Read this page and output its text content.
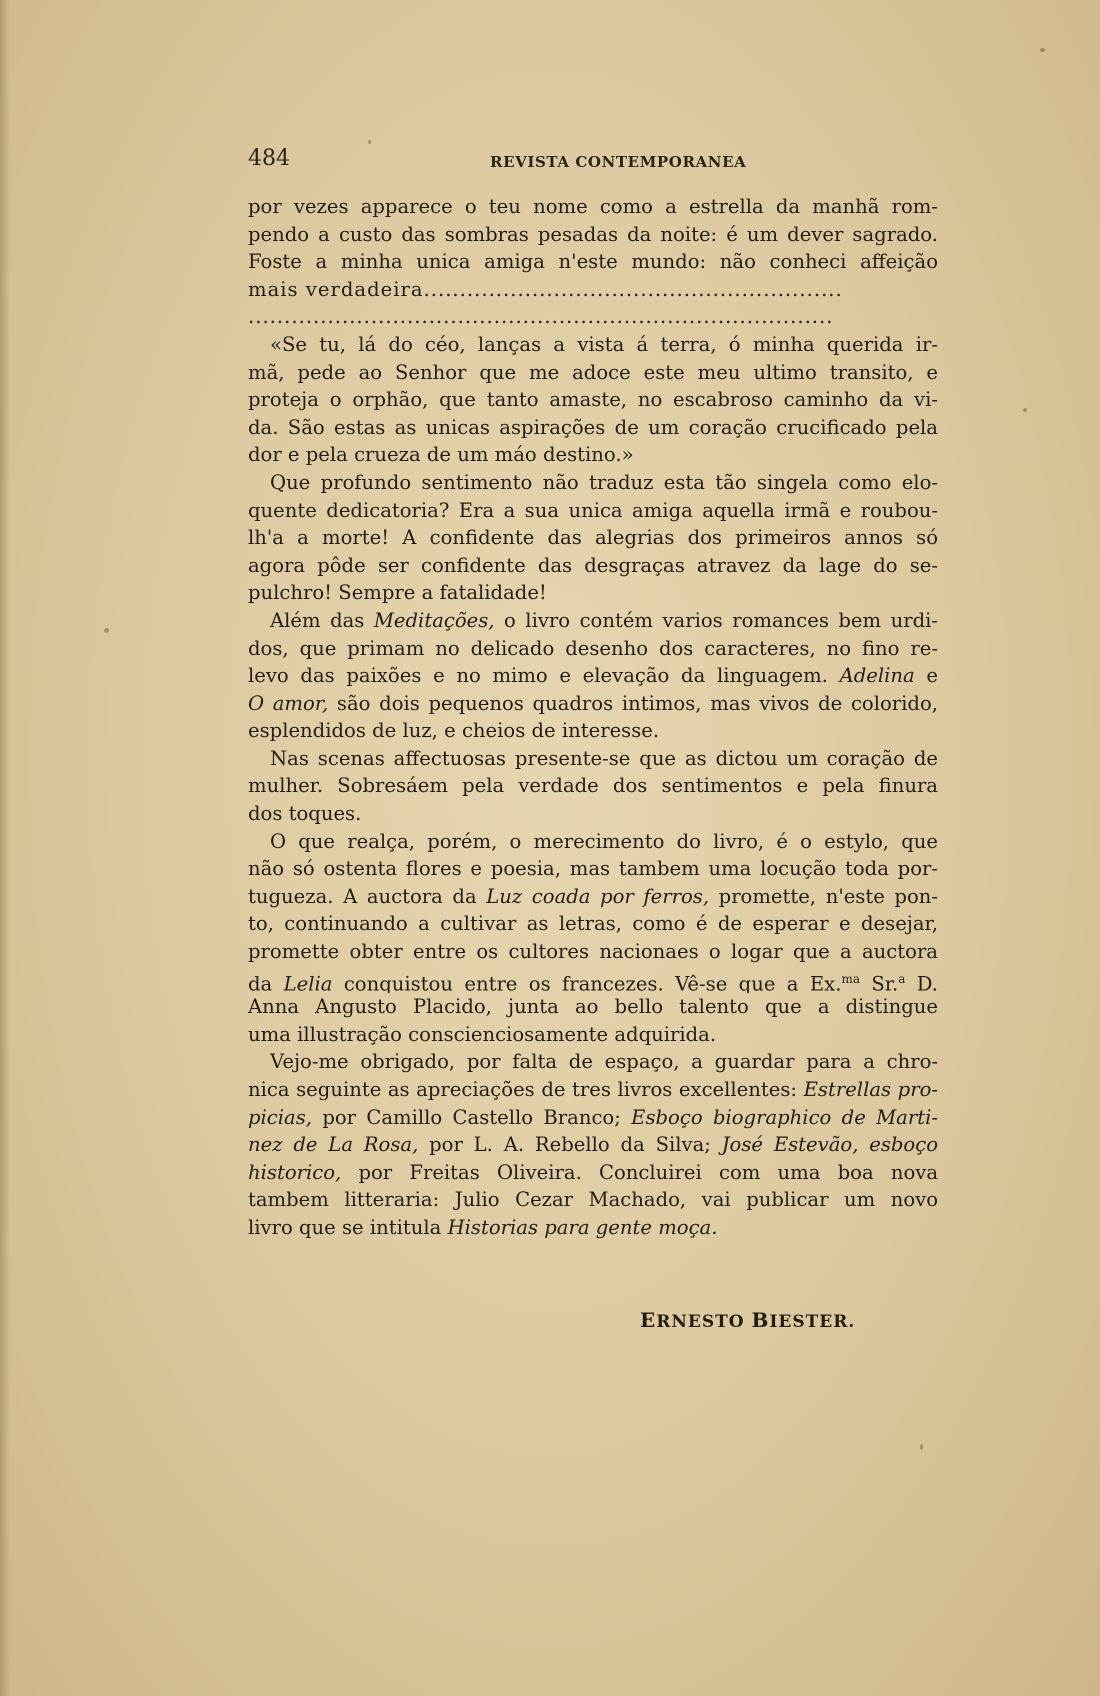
484	REVISTA CONTEMPORANEA
por vezes apparece o teu nome como a estrella da manhã rom-
pendo a custo das sombras pesadas da noite: é um dever sagrado.
Foste a minha unica amiga n'este mundo: não conheci affeição
mais verdadeira..........................................................
.................................................................................
«Se tu, lá do céo, lanças a vista á terra, ó minha querida ir-
mã, pede ao Senhor que me adoce este meu ultimo transito, e
proteja o orphão, que tanto amaste, no escabroso caminho da vi-
da. São estas as unicas aspirações de um coração crucificado pela
dor e pela crueza de um máo destino.»
Que profundo sentimento não traduz esta tão singela como elo-
quente dedicatoria? Era a sua unica amiga aquella irmã e roubou-
lh'a a morte! A confidente das alegrias dos primeiros annos só
agora pôde ser confidente das desgraças atravez da lage do se-
pulchro! Sempre a fatalidade!
Além das Meditações, o livro contém varios romances bem urdi-
dos, que primam no delicado desenho dos caracteres, no fino re-
levo das paixões e no mimo e elevação da linguagem. Adelina e
O amor, são dois pequenos quadros intimos, mas vivos de colorido,
esplendidos de luz, e cheios de interesse.
Nas scenas affectuosas presente-se que as dictou um coração de
mulher. Sobresáem pela verdade dos sentimentos e pela finura
dos toques.
O que realça, porém, o merecimento do livro, é o estylo, que
não só ostenta flores e poesia, mas tambem uma locução toda por-
tugueza. A auctora da Luz coada por ferros, promette, n'este pon-
to, continuando a cultivar as letras, como é de esperar e desejar,
promette obter entre os cultores nacionaes o logar que a auctora
da Lelia conquistou entre os francezes. Vê-se que a Ex.$^{ma}$ Sr.$^a$ D.
Anna Angusto Placido, junta ao bello talento que a distingue
uma illustração conscienciosamente adquirida.
Vejo-me obrigado, por falta de espaço, a guardar para a chro-
nica seguinte as apreciações de tres livros excellentes: Estrellas pro-
picias, por Camillo Castello Branco; Esboço biographico de Marti-
nez de La Rosa, por L. A. Rebello da Silva; José Estevão, esboço
historico, por Freitas Oliveira. Concluirei com uma boa nova
tambem litteraria: Julio Cezar Machado, vai publicar um novo
livro que se intitula Historias para gente moça.
ERNESTO BIESTER.
